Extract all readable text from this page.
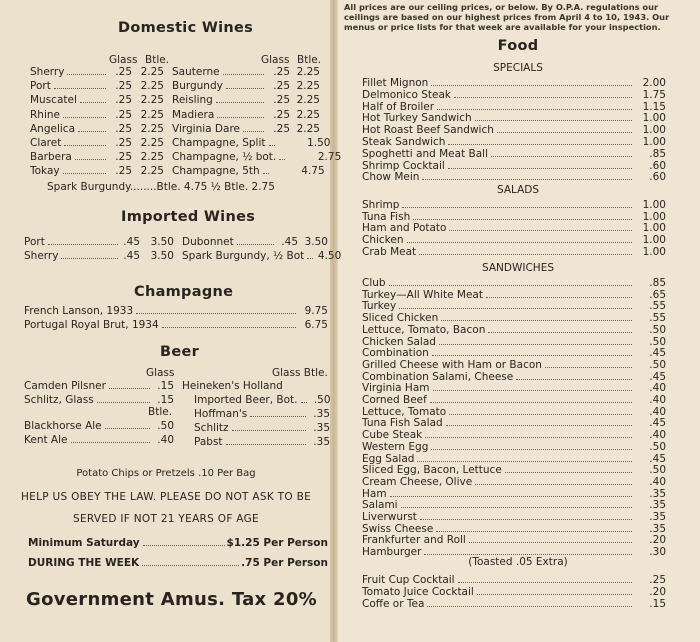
Domestic Wines
Glass Btle.	Glass Btle.
Sherry	.25 2.25
Port	.25 2.25
Muscatel	.25 2.25
Rhine	.25 2.25
Angelica	.25 2.25
Claret	.25 2.25
Barbera	.25 2.25
Tokay	.25 2.25
Sauterne	.25 2.25
Burgundy	.25 2.25
Reisling	.25 2.25
Madiera	.25 2.25
Virginia Dare	.25 2.25
Champagne, Split	1.50
Champagne, ½ bot.	2.75
Champagne, 5th	4.75
Spark Burgundy........Btle. 4.75 ½ Btle. 2.75
Imported Wines
Port	.45	3.50
Sherry	.45	3.50
Dubonnet	.45 3.50
Spark Burgundy, ½ Bot 4.50
Champagne
French Lanson, 1933	9.75
Portugal Royal Brut, 1934	6.75
Beer
Glass	Glass Btle.
Btle.
Camden Pilsner	.15
Schlitz, Glass	.15
Blackhorse Ale	.50
Kent Ale	.40
Heineken's Holland
Imported Beer, Bot.	.50
Hoffman's	.35
Schlitz	.35
Pabst	.35
Potato Chips or Pretzels .10 Per Bag
HELP US OBEY THE LAW. PLEASE DO NOT ASK TO BE
SERVED IF NOT 21 YEARS OF AGE
Minimum Saturday	$1.25 Per Person
DURING THE WEEK	.75 Per Person
Government Amus. Tax 20%
All prices are our ceiling prices, or below. By O.P.A. regulations our
ceilings are based on our highest prices from April 4 to 10, 1943. Our
menus or price lists for that week are available for your inspection.
Food
SPECIALS
Fillet Mignon	2.00
Delmonico Steak	1.75
Half of Broiler	1.15
Hot Turkey Sandwich	1.00
Hot Roast Beef Sandwich	1.00
Steak Sandwich	1.00
Spoghetti and Meat Ball	.85
Shrimp Cocktail	.60
Chow Mein	.60
SALADS
Shrimp	1.00
Tuna Fish	1.00
Ham and Potato	1.00
Chicken	1.00
Crab Meat	1.00
SANDWICHES
Club	.85
Turkey—All White Meat	.65
Turkey	.55
Sliced Chicken	.55
Lettuce, Tomato, Bacon	.50
Chicken Salad	.50
Combination	.45
Grilled Cheese with Ham or Bacon	.50
Combination Salami, Cheese	.45
Virginia Ham	.40
Corned Beef	.40
Lettuce, Tomato	.40
Tuna Fish Salad	.45
Cube Steak	.40
Western Egg	.50
Egg Salad	.45
Sliced Egg, Bacon, Lettuce	.50
Cream Cheese, Olive	.40
Ham	.35
Salami	.35
Liverwurst	.35
Swiss Cheese	.35
Frankfurter and Roll	.20
Hamburger	.30
(Toasted .05 Extra)
Fruit Cup Cocktail	.25
Tomato Juice Cocktail	.20
Coffe or Tea	.15
